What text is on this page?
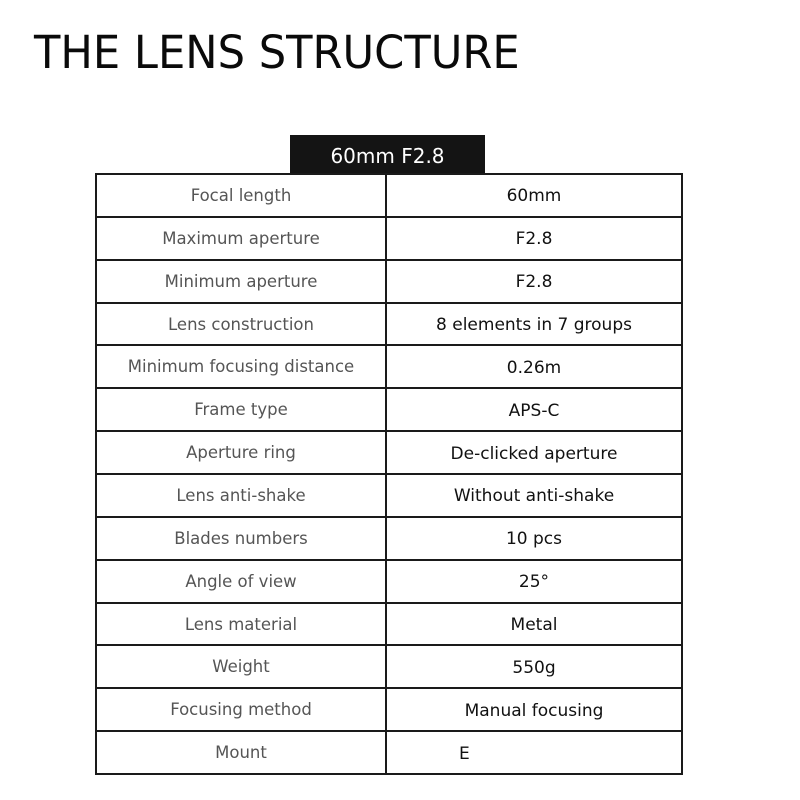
THE LENS STRUCTURE
60mm F2.8
Focal length	60mm
Maximum aperture	F2.8
Minimum aperture	F2.8
Lens construction	8 elements in 7 groups
Minimum focusing distance	0.26m
Frame type	APS-C
Aperture ring	De-clicked aperture
Lens anti-shake	Without anti-shake
Blades numbers	10 pcs
Angle of view	25°
Lens material	Metal
Weight	550g
Focusing method	Manual focusing
Mount	E
